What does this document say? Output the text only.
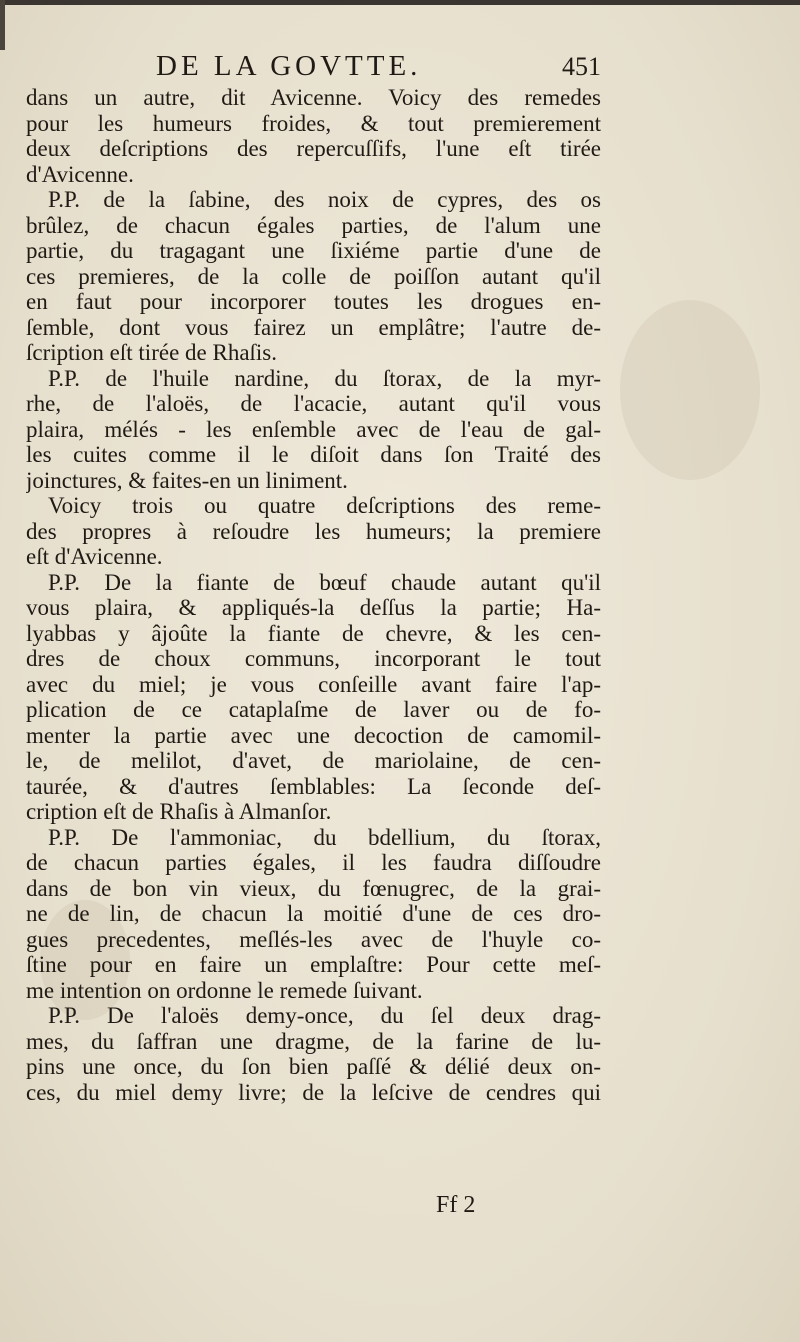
DE LA GOVTTE.	451
dans un autre, dit Avicenne. Voicy des remedes
pour les humeurs froides, & tout premierement
deux deſcriptions des repercuſſifs, l'une eſt tirée
d'Avicenne.
P.P. de la ſabine, des noix de cypres, des os
brûlez, de chacun égales parties, de l'alum une
partie, du tragagant une ſixiéme partie d'une de
ces premieres, de la colle de poiſſon autant qu'il
en faut pour incorporer toutes les drogues en-
ſemble, dont vous fairez un emplâtre; l'autre de-
ſcription eſt tirée de Rhaſis.
P.P. de l'huile nardine, du ſtorax, de la myr-
rhe, de l'aloës, de l'acacie, autant qu'il vous
plaira, mélés - les enſemble avec de l'eau de gal-
les cuites comme il le diſoit dans ſon Traité des
joinctures, & faites-en un liniment.
Voicy trois ou quatre deſcriptions des reme-
des propres à reſoudre les humeurs; la premiere
eſt d'Avicenne.
P.P. De la fiante de bœuf chaude autant qu'il
vous plaira, & appliqués-la deſſus la partie; Ha-
lyabbas y âjoûte la fiante de chevre, & les cen-
dres de choux communs, incorporant le tout
avec du miel; je vous conſeille avant faire l'ap-
plication de ce cataplaſme de laver ou de fo-
menter la partie avec une decoction de camomil-
le, de melilot, d'avet, de mariolaine, de cen-
taurée, & d'autres ſemblables: La ſeconde deſ-
cription eſt de Rhaſis à Almanſor.
P.P. De l'ammoniac, du bdellium, du ſtorax,
de chacun parties égales, il les faudra diſſoudre
dans de bon vin vieux, du fœnugrec, de la grai-
ne de lin, de chacun la moitié d'une de ces dro-
gues precedentes, meſlés-les avec de l'huyle co-
ſtine pour en faire un emplaſtre: Pour cette meſ-
me intention on ordonne le remede ſuivant.
P.P. De l'aloës demy-once, du ſel deux drag-
mes, du ſaffran une dragme, de la farine de lu-
pins une once, du ſon bien paſſé & délié deux on-
ces, du miel demy livre; de la leſcive de cendres qui
Ff 2
